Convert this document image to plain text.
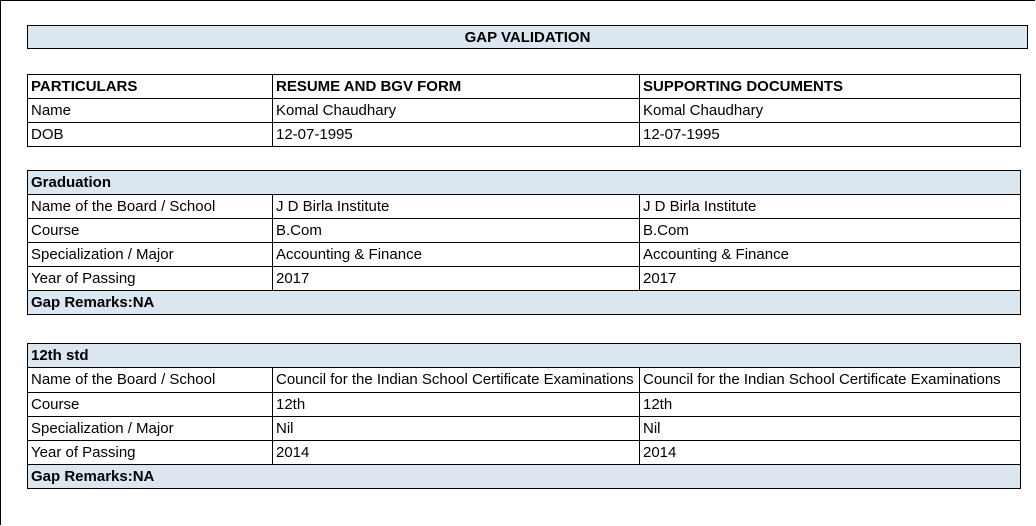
GAP VALIDATION
PARTICULARS	RESUME AND BGV FORM	SUPPORTING DOCUMENTS
Name	Komal Chaudhary	Komal Chaudhary
DOB	12-07-1995	12-07-1995
Graduation		
Name of the Board / School	J D Birla Institute	J D Birla Institute
Course	B.Com	B.Com
Specialization / Major	Accounting & Finance	Accounting & Finance
Year of Passing	2017	2017
Gap Remarks:NA		
12th std		
Name of the Board / School	Council for the Indian School Certificate Examinations	Council for the Indian School Certificate Examinations
Course	12th	12th
Specialization / Major	Nil	Nil
Year of Passing	2014	2014
Gap Remarks:NA		
